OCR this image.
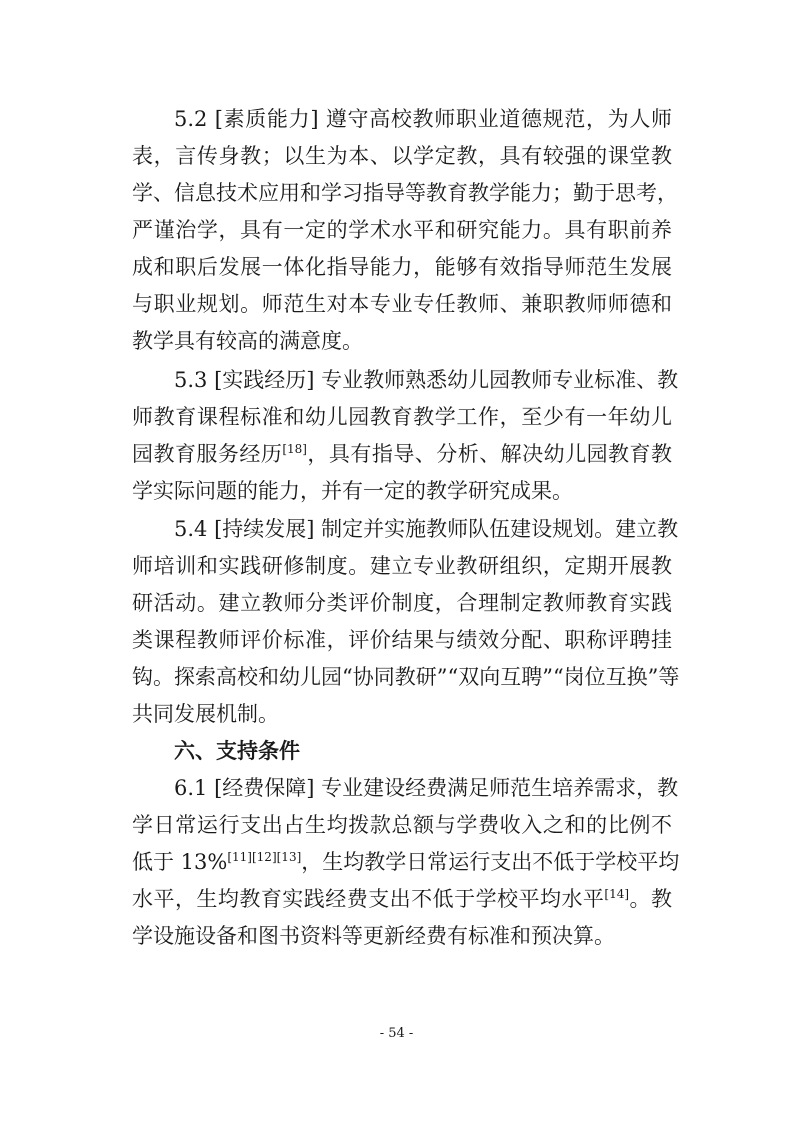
5.2 [素质能力] 遵守高校教师职业道德规范，为人师
表，言传身教；以生为本、以学定教，具有较强的课堂教
学、信息技术应用和学习指导等教育教学能力；勤于思考，
严谨治学，具有一定的学术水平和研究能力。具有职前养
成和职后发展一体化指导能力，能够有效指导师范生发展
与职业规划。师范生对本专业专任教师、兼职教师师德和
教学具有较高的满意度。
5.3 [实践经历] 专业教师熟悉幼儿园教师专业标准、教
师教育课程标准和幼儿园教育教学工作，至少有一年幼儿
园教育服务经历[18]，具有指导、分析、解决幼儿园教育教
学实际问题的能力，并有一定的教学研究成果。
5.4 [持续发展] 制定并实施教师队伍建设规划。建立教
师培训和实践研修制度。建立专业教研组织，定期开展教
研活动。建立教师分类评价制度，合理制定教师教育实践
类课程教师评价标准，评价结果与绩效分配、职称评聘挂
钩。探索高校和幼儿园“协同教研”“双向互聘”“岗位互换”等
共同发展机制。
六、支持条件
6.1 [经费保障] 专业建设经费满足师范生培养需求，教
学日常运行支出占生均拨款总额与学费收入之和的比例不
低于 13%[11][12][13]，生均教学日常运行支出不低于学校平均
水平，生均教育实践经费支出不低于学校平均水平[14]。教
学设施设备和图书资料等更新经费有标准和预决算。
- 54 -
